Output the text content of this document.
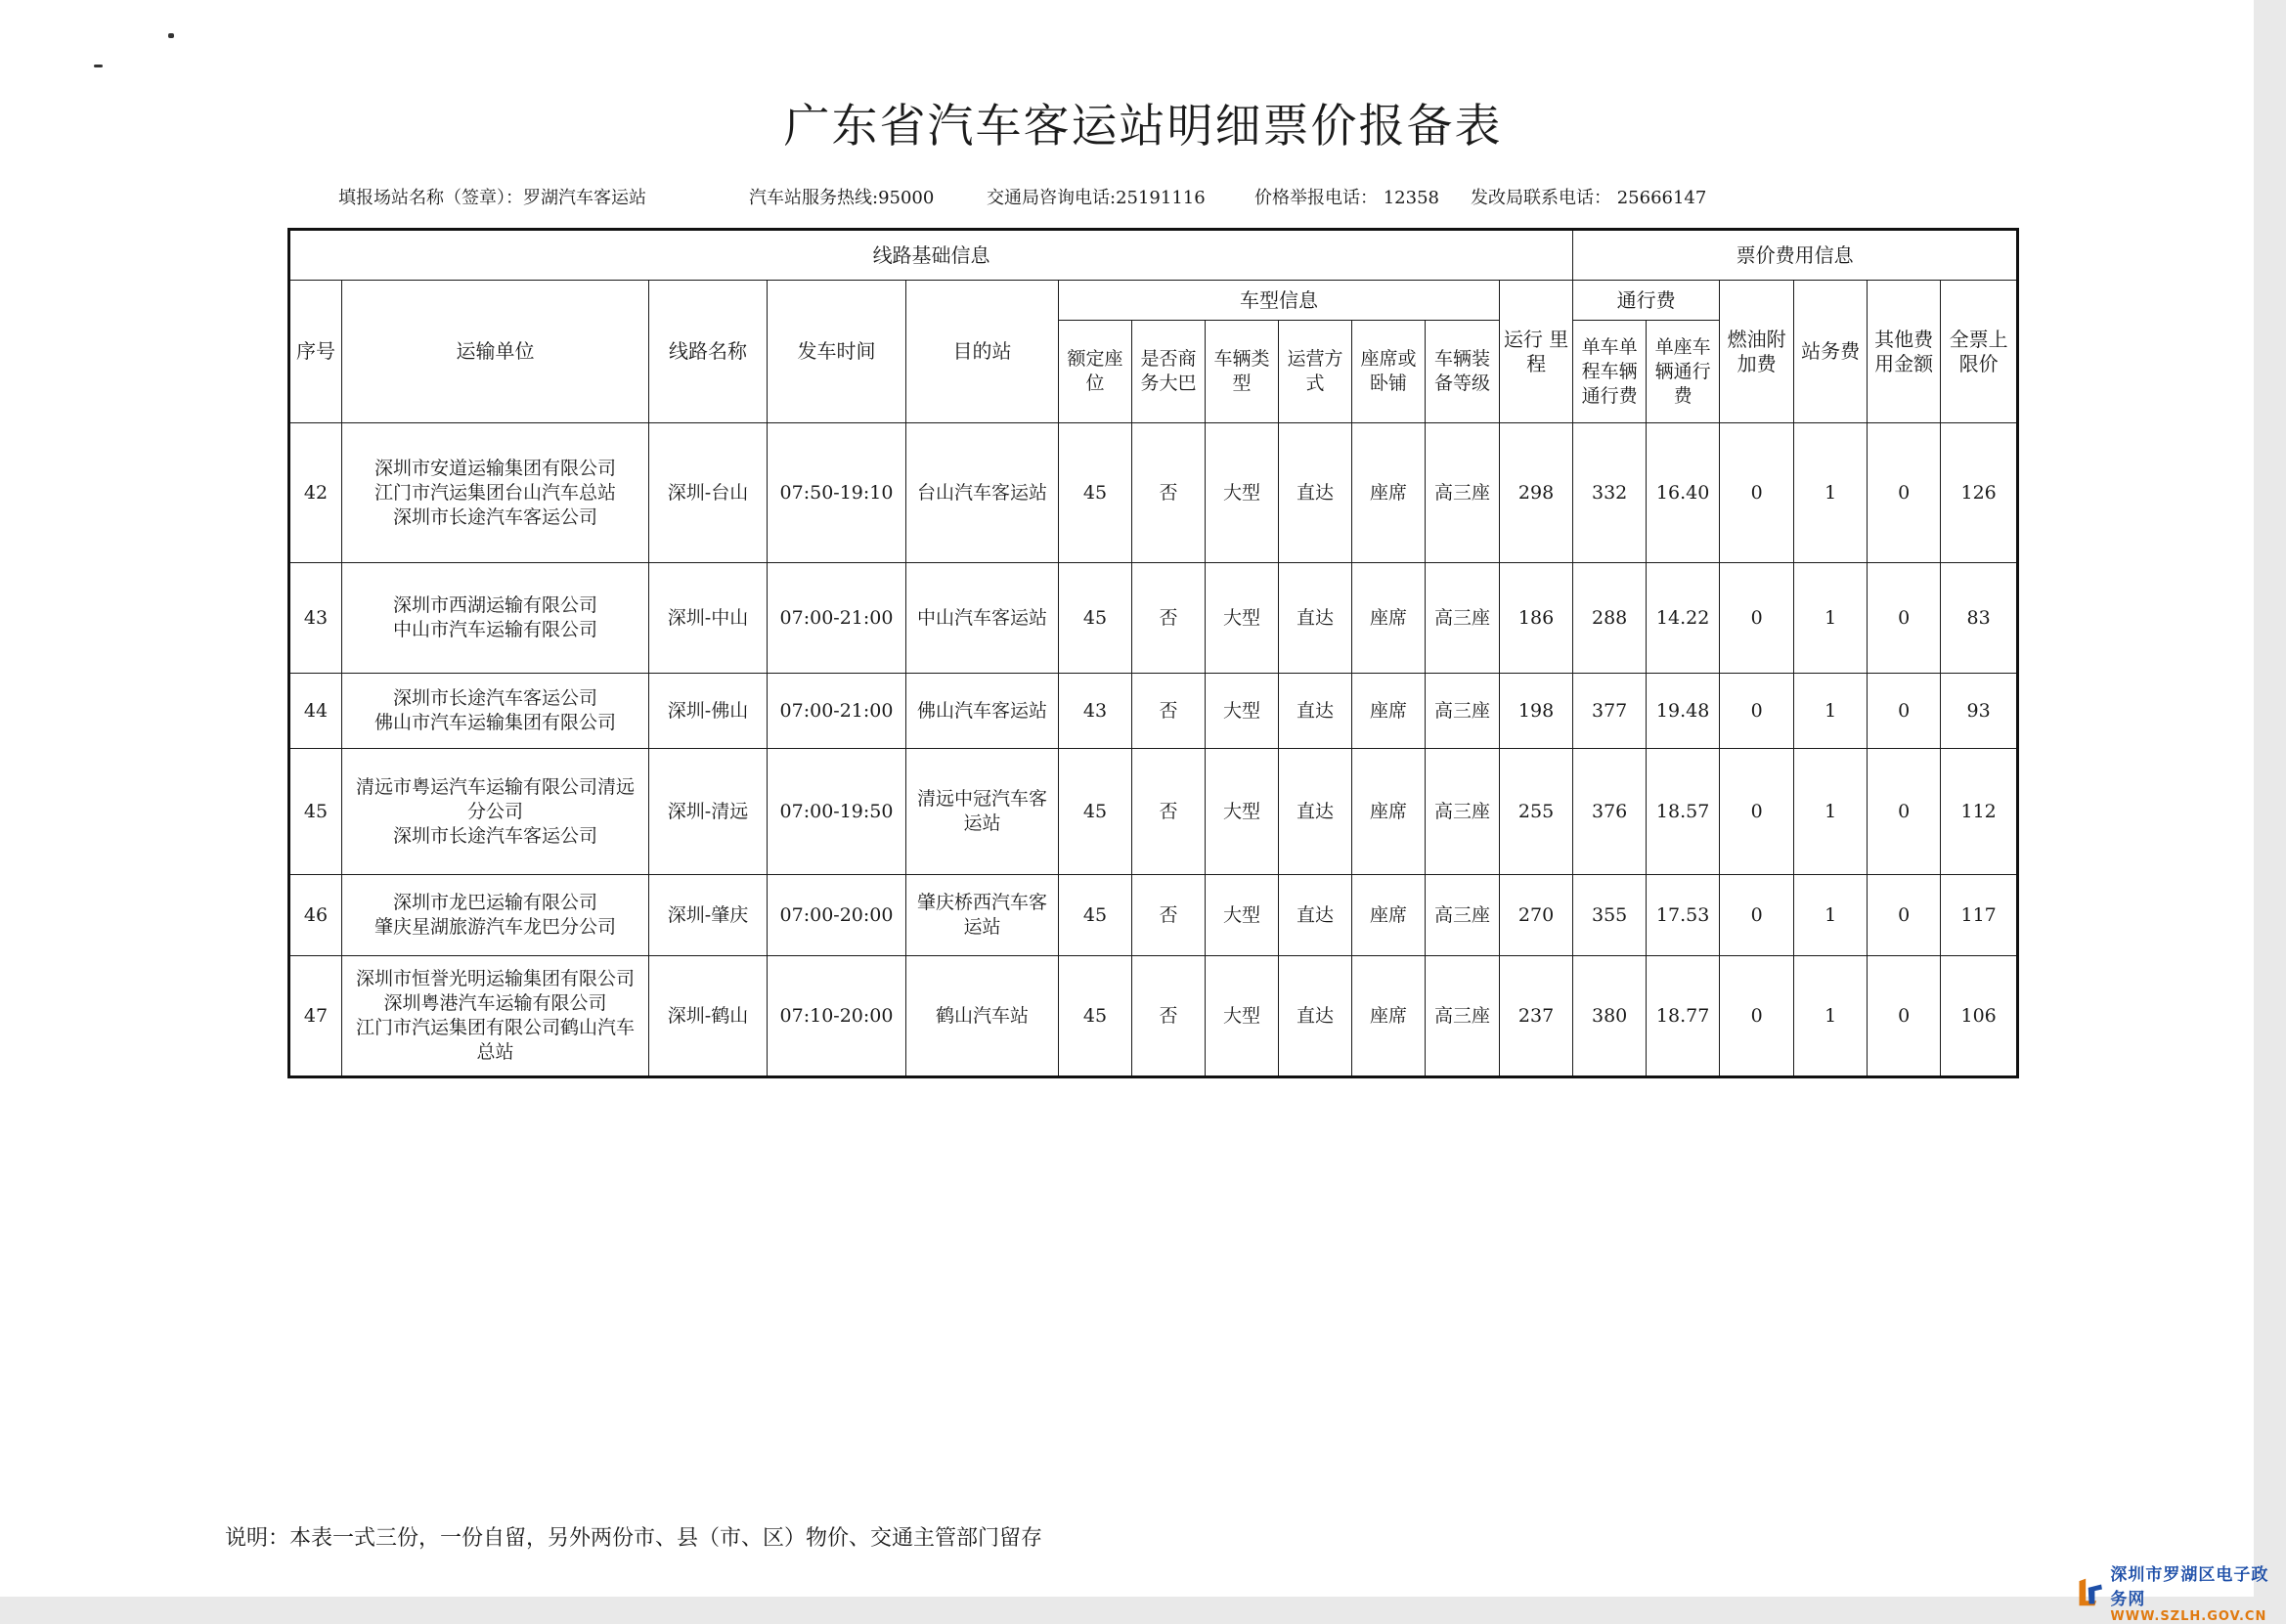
广东省汽车客运站明细票价报备表
填报场站名称（签章）：罗湖汽车客运站	汽车站服务热线:95000	交通局咨询电话:25191116	价格举报电话： 12358 发改局联系电话： 25666147
线路基础信息												票价费用信息					
序号	运输单位	线路名称	发车时间	目的站	车型信息						运行 里程	通行费		燃油附加费	站务费	其他费用金额	全票上限价
					额定座位	是否商务大巴	车辆类型	运营方式	座席或卧铺	车辆装备等级		单车单程车辆通行费	单座车辆通行费				
42	深圳市安道运输集团有限公司
江门市汽运集团台山汽车总站
深圳市长途汽车客运公司	深圳-台山	07:50-19:10	台山汽车客运站	45	否	大型	直达	座席	高三座	298	332	16.40	0	1	0	126
43	深圳市西湖运输有限公司
中山市汽车运输有限公司	深圳-中山	07:00-21:00	中山汽车客运站	45	否	大型	直达	座席	高三座	186	288	14.22	0	1	0	83
44	深圳市长途汽车客运公司
佛山市汽车运输集团有限公司	深圳-佛山	07:00-21:00	佛山汽车客运站	43	否	大型	直达	座席	高三座	198	377	19.48	0	1	0	93
45	清远市粤运汽车运输有限公司清远
分公司
深圳市长途汽车客运公司	深圳-清远	07:00-19:50	清远中冠汽车客运站	45	否	大型	直达	座席	高三座	255	376	18.57	0	1	0	112
46	深圳市龙巴运输有限公司
肇庆星湖旅游汽车龙巴分公司	深圳-肇庆	07:00-20:00	肇庆桥西汽车客运站	45	否	大型	直达	座席	高三座	270	355	17.53	0	1	0	117
47	深圳市恒誉光明运输集团有限公司
深圳粤港汽车运输有限公司
江门市汽运集团有限公司鹤山汽车
总站	深圳-鹤山	07:10-20:00	鹤山汽车站	45	否	大型	直达	座席	高三座	237	380	18.77	0	1	0	106
说明：本表一式三份，一份自留，另外两份市、县（市、区）物价、交通主管部门留存
深圳市罗湖区电子政务网
WWW.SZLH.GOV.CN
